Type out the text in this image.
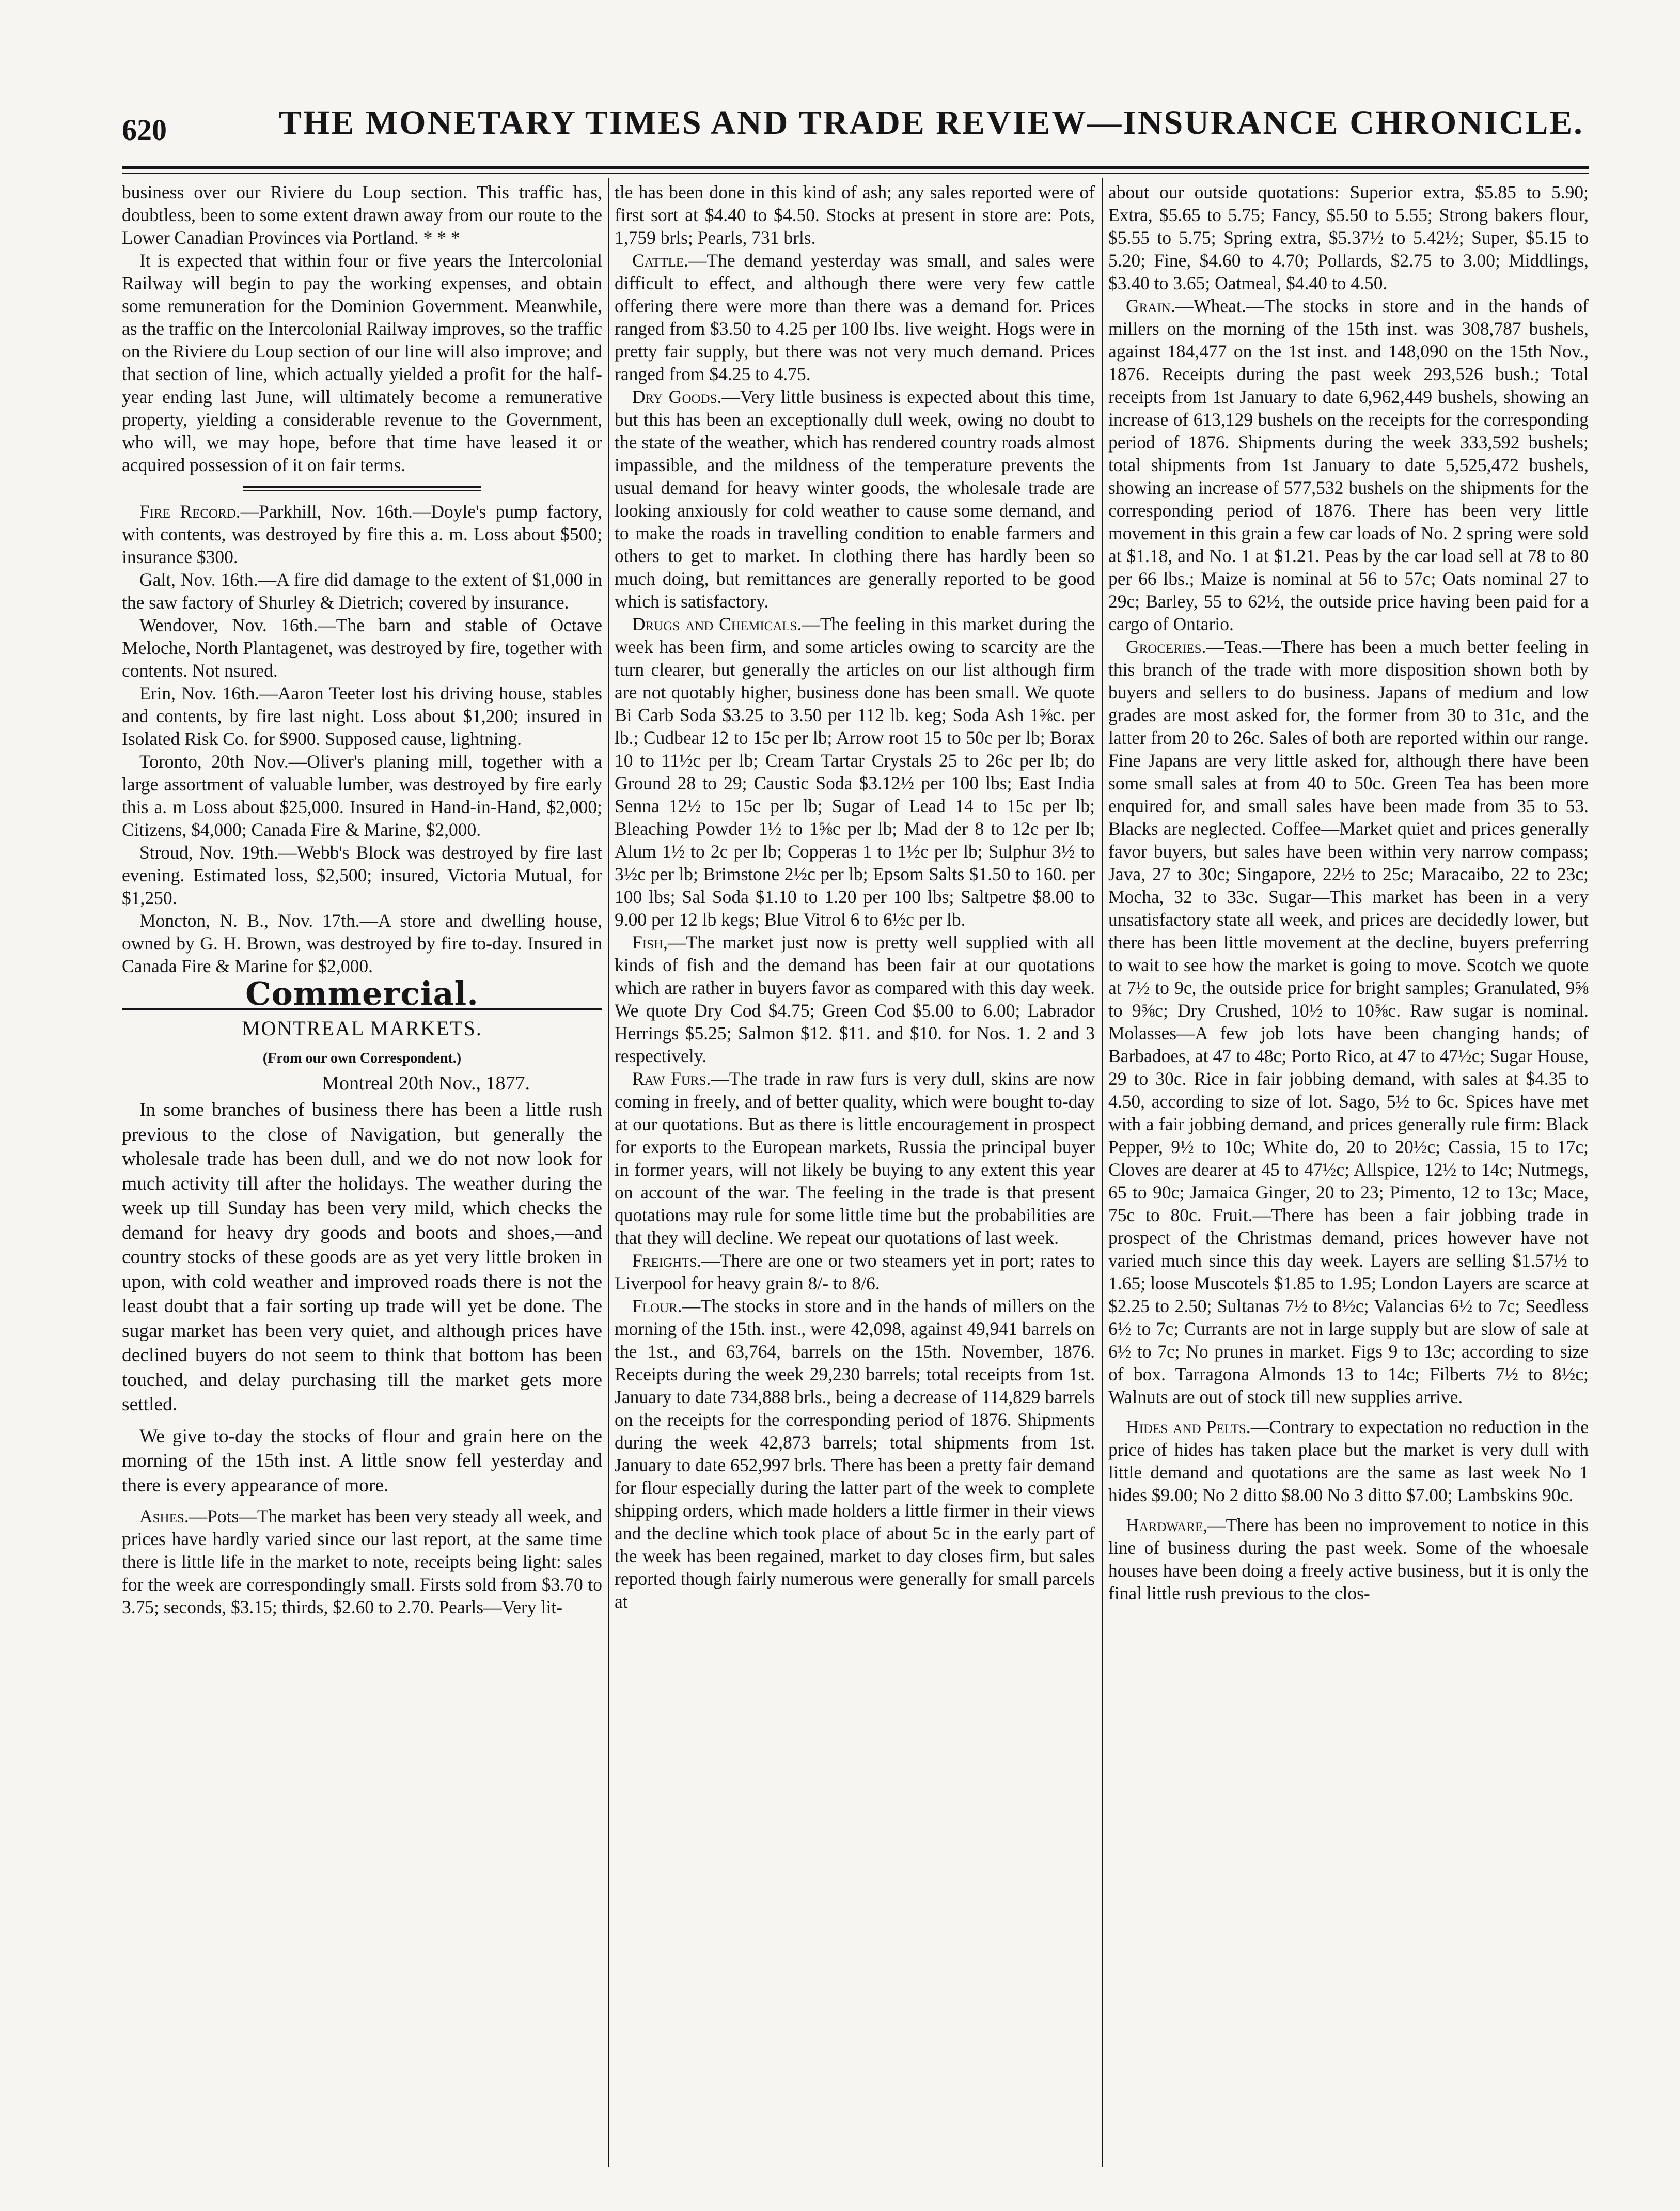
620	THE MONETARY TIMES AND TRADE REVIEW—INSURANCE CHRONICLE.

business over our Riviere du Loup section. This traffic has, doubtless, been to some extent drawn away from our route to the Lower Canadian Provinces via Portland. * * *

It is expected that within four or five years the Intercolonial Railway will begin to pay the working expenses, and obtain some remuneration for the Dominion Government. Meanwhile, as the traffic on the Intercolonial Railway improves, so the traffic on the Riviere du Loup section of our line will also improve; and that section of line, which actually yielded a profit for the half-year ending last June, will ultimately become a remunerative property, yielding a considerable revenue to the Government, who will, we may hope, before that time have leased it or acquired possession of it on fair terms.

Fire Record.—Parkhill, Nov. 16th.—Doyle's pump factory, with contents, was destroyed by fire this a. m. Loss about $500; insurance $300.

Galt, Nov. 16th.—A fire did damage to the extent of $1,000 in the saw factory of Shurley & Dietrich; covered by insurance.

Wendover, Nov. 16th.—The barn and stable of Octave Meloche, North Plantagenet, was destroyed by fire, together with contents. Not nsured.

Erin, Nov. 16th.—Aaron Teeter lost his driving house, stables and contents, by fire last night. Loss about $1,200; insured in Isolated Risk Co. for $900. Supposed cause, lightning.

Toronto, 20th Nov.—Oliver's planing mill, together with a large assortment of valuable lumber, was destroyed by fire early this a. m Loss about $25,000. Insured in Hand-in-Hand, $2,000; Citizens, $4,000; Canada Fire & Marine, $2,000.

Stroud, Nov. 19th.—Webb's Block was destroyed by fire last evening. Estimated loss, $2,500; insured, Victoria Mutual, for $1,250.

Moncton, N. B., Nov. 17th.—A store and dwelling house, owned by G. H. Brown, was destroyed by fire to-day. Insured in Canada Fire & Marine for $2,000.

Commercial.
MONTREAL MARKETS.
(From our own Correspondent.)
Montreal 20th Nov., 1877.

In some branches of business there has been a little rush previous to the close of Navigation, but generally the wholesale trade has been dull, and we do not now look for much activity till after the holidays. The weather during the week up till Sunday has been very mild, which checks the demand for heavy dry goods and boots and shoes,—and country stocks of these goods are as yet very little broken in upon, with cold weather and improved roads there is not the least doubt that a fair sorting up trade will yet be done. The sugar market has been very quiet, and although prices have declined buyers do not seem to think that bottom has been touched, and delay purchasing till the market gets more settled.

We give to-day the stocks of flour and grain here on the morning of the 15th inst. A little snow fell yesterday and there is every appearance of more.

Ashes.—Pots—The market has been very steady all week, and prices have hardly varied since our last report, at the same time there is little life in the market to note, receipts being light: sales for the week are correspondingly small. Firsts sold from $3.70 to 3.75; seconds, $3.15; thirds, $2.60 to 2.70. Pearls—Very lit-

tle has been done in this kind of ash; any sales reported were of first sort at $4.40 to $4.50. Stocks at present in store are: Pots, 1,759 brls; Pearls, 731 brls.

Cattle.—The demand yesterday was small, and sales were difficult to effect, and although there were very few cattle offering there were more than there was a demand for. Prices ranged from $3.50 to 4.25 per 100 lbs. live weight. Hogs were in pretty fair supply, but there was not very much demand. Prices ranged from $4.25 to 4.75.

Dry Goods.—Very little business is expected about this time, but this has been an exceptionally dull week, owing no doubt to the state of the weather, which has rendered country roads almost impassible, and the mildness of the temperature prevents the usual demand for heavy winter goods, the wholesale trade are looking anxiously for cold weather to cause some demand, and to make the roads in travelling condition to enable farmers and others to get to market. In clothing there has hardly been so much doing, but remittances are generally reported to be good which is satisfactory.

Drugs and Chemicals.—The feeling in this market during the week has been firm, and some articles owing to scarcity are the turn clearer, but generally the articles on our list although firm are not quotably higher, business done has been small. We quote Bi Carb Soda $3.25 to 3.50 per 112 lb. keg; Soda Ash 1⅝c. per lb.; Cudbear 12 to 15c per lb; Arrow root 15 to 50c per lb; Borax 10 to 11½c per lb; Cream Tartar Crystals 25 to 26c per lb; do Ground 28 to 29; Caustic Soda $3.12½ per 100 lbs; East India Senna 12½ to 15c per lb; Sugar of Lead 14 to 15c per lb; Bleaching Powder 1½ to 1⅝c per lb; Mad der 8 to 12c per lb; Alum 1½ to 2c per lb; Copperas 1 to 1½c per lb; Sulphur 3½ to 3½c per lb; Brimstone 2½c per lb; Epsom Salts $1.50 to 160. per 100 lbs; Sal Soda $1.10 to 1.20 per 100 lbs; Saltpetre $8.00 to 9.00 per 12 lb kegs; Blue Vitrol 6 to 6½c per lb.

Fish,—The market just now is pretty well supplied with all kinds of fish and the demand has been fair at our quotations which are rather in buyers favor as compared with this day week. We quote Dry Cod $4.75; Green Cod $5.00 to 6.00; Labrador Herrings $5.25; Salmon $12. $11. and $10. for Nos. 1. 2 and 3 respectively.

Raw Furs.—The trade in raw furs is very dull, skins are now coming in freely, and of better quality, which were bought to-day at our quotations. But as there is little encouragement in prospect for exports to the European markets, Russia the principal buyer in former years, will not likely be buying to any extent this year on account of the war. The feeling in the trade is that present quotations may rule for some little time but the probabilities are that they will decline. We repeat our quotations of last week.

Freights.—There are one or two steamers yet in port; rates to Liverpool for heavy grain 8/- to 8/6.

Flour.—The stocks in store and in the hands of millers on the morning of the 15th. inst., were 42,098, against 49,941 barrels on the 1st., and 63,764, barrels on the 15th. November, 1876. Receipts during the week 29,230 barrels; total receipts from 1st. January to date 734,888 brls., being a decrease of 114,829 barrels on the receipts for the corresponding period of 1876. Shipments during the week 42,873 barrels; total shipments from 1st. January to date 652,997 brls. There has been a pretty fair demand for flour especially during the latter part of the week to complete shipping orders, which made holders a little firmer in their views and the decline which took place of about 5c in the early part of the week has been regained, market to day closes firm, but sales reported though fairly numerous were generally for small parcels at

about our outside quotations: Superior extra, $5.85 to 5.90; Extra, $5.65 to 5.75; Fancy, $5.50 to 5.55; Strong bakers flour, $5.55 to 5.75; Spring extra, $5.37½ to 5.42½; Super, $5.15 to 5.20; Fine, $4.60 to 4.70; Pollards, $2.75 to 3.00; Middlings, $3.40 to 3.65; Oatmeal, $4.40 to 4.50.

Grain.—Wheat.—The stocks in store and in the hands of millers on the morning of the 15th inst. was 308,787 bushels, against 184,477 on the 1st inst. and 148,090 on the 15th Nov., 1876. Receipts during the past week 293,526 bush.; Total receipts from 1st January to date 6,962,449 bushels, showing an increase of 613,129 bushels on the receipts for the corresponding period of 1876. Shipments during the week 333,592 bushels; total shipments from 1st January to date 5,525,472 bushels, showing an increase of 577,532 bushels on the shipments for the corresponding period of 1876. There has been very little movement in this grain a few car loads of No. 2 spring were sold at $1.18, and No. 1 at $1.21. Peas by the car load sell at 78 to 80 per 66 lbs.; Maize is nominal at 56 to 57c; Oats nominal 27 to 29c; Barley, 55 to 62½, the outside price having been paid for a cargo of Ontario.

Groceries.—Teas.—There has been a much better feeling in this branch of the trade with more disposition shown both by buyers and sellers to do business. Japans of medium and low grades are most asked for, the former from 30 to 31c, and the latter from 20 to 26c. Sales of both are reported within our range. Fine Japans are very little asked for, although there have been some small sales at from 40 to 50c. Green Tea has been more enquired for, and small sales have been made from 35 to 53. Blacks are neglected. Coffee—Market quiet and prices generally favor buyers, but sales have been within very narrow compass; Java, 27 to 30c; Singapore, 22½ to 25c; Maracaibo, 22 to 23c; Mocha, 32 to 33c. Sugar—This market has been in a very unsatisfactory state all week, and prices are decidedly lower, but there has been little movement at the decline, buyers preferring to wait to see how the market is going to move. Scotch we quote at 7½ to 9c, the outside price for bright samples; Granulated, 9⅝ to 9⅝c; Dry Crushed, 10½ to 10⅝c. Raw sugar is nominal. Molasses—A few job lots have been changing hands; of Barbadoes, at 47 to 48c; Porto Rico, at 47 to 47½c; Sugar House, 29 to 30c. Rice in fair jobbing demand, with sales at $4.35 to 4.50, according to size of lot. Sago, 5½ to 6c. Spices have met with a fair jobbing demand, and prices generally rule firm: Black Pepper, 9½ to 10c; White do, 20 to 20½c; Cassia, 15 to 17c; Cloves are dearer at 45 to 47½c; Allspice, 12½ to 14c; Nutmegs, 65 to 90c; Jamaica Ginger, 20 to 23; Pimento, 12 to 13c; Mace, 75c to 80c. Fruit.—There has been a fair jobbing trade in prospect of the Christmas demand, prices however have not varied much since this day week. Layers are selling $1.57½ to 1.65; loose Muscotels $1.85 to 1.95; London Layers are scarce at $2.25 to 2.50; Sultanas 7½ to 8½c; Valancias 6½ to 7c; Seedless 6½ to 7c; Currants are not in large supply but are slow of sale at 6½ to 7c; No prunes in market. Figs 9 to 13c; according to size of box. Tarragona Almonds 13 to 14c; Filberts 7½ to 8½c; Walnuts are out of stock till new supplies arrive.

Hides and Pelts.—Contrary to expectation no reduction in the price of hides has taken place but the market is very dull with little demand and quotations are the same as last week No 1 hides $9.00; No 2 ditto $8.00 No 3 ditto $7.00; Lambskins 90c.

Hardware,—There has been no improvement to notice in this line of business during the past week. Some of the whoesale houses have been doing a freely active business, but it is only the final little rush previous to the clos-
